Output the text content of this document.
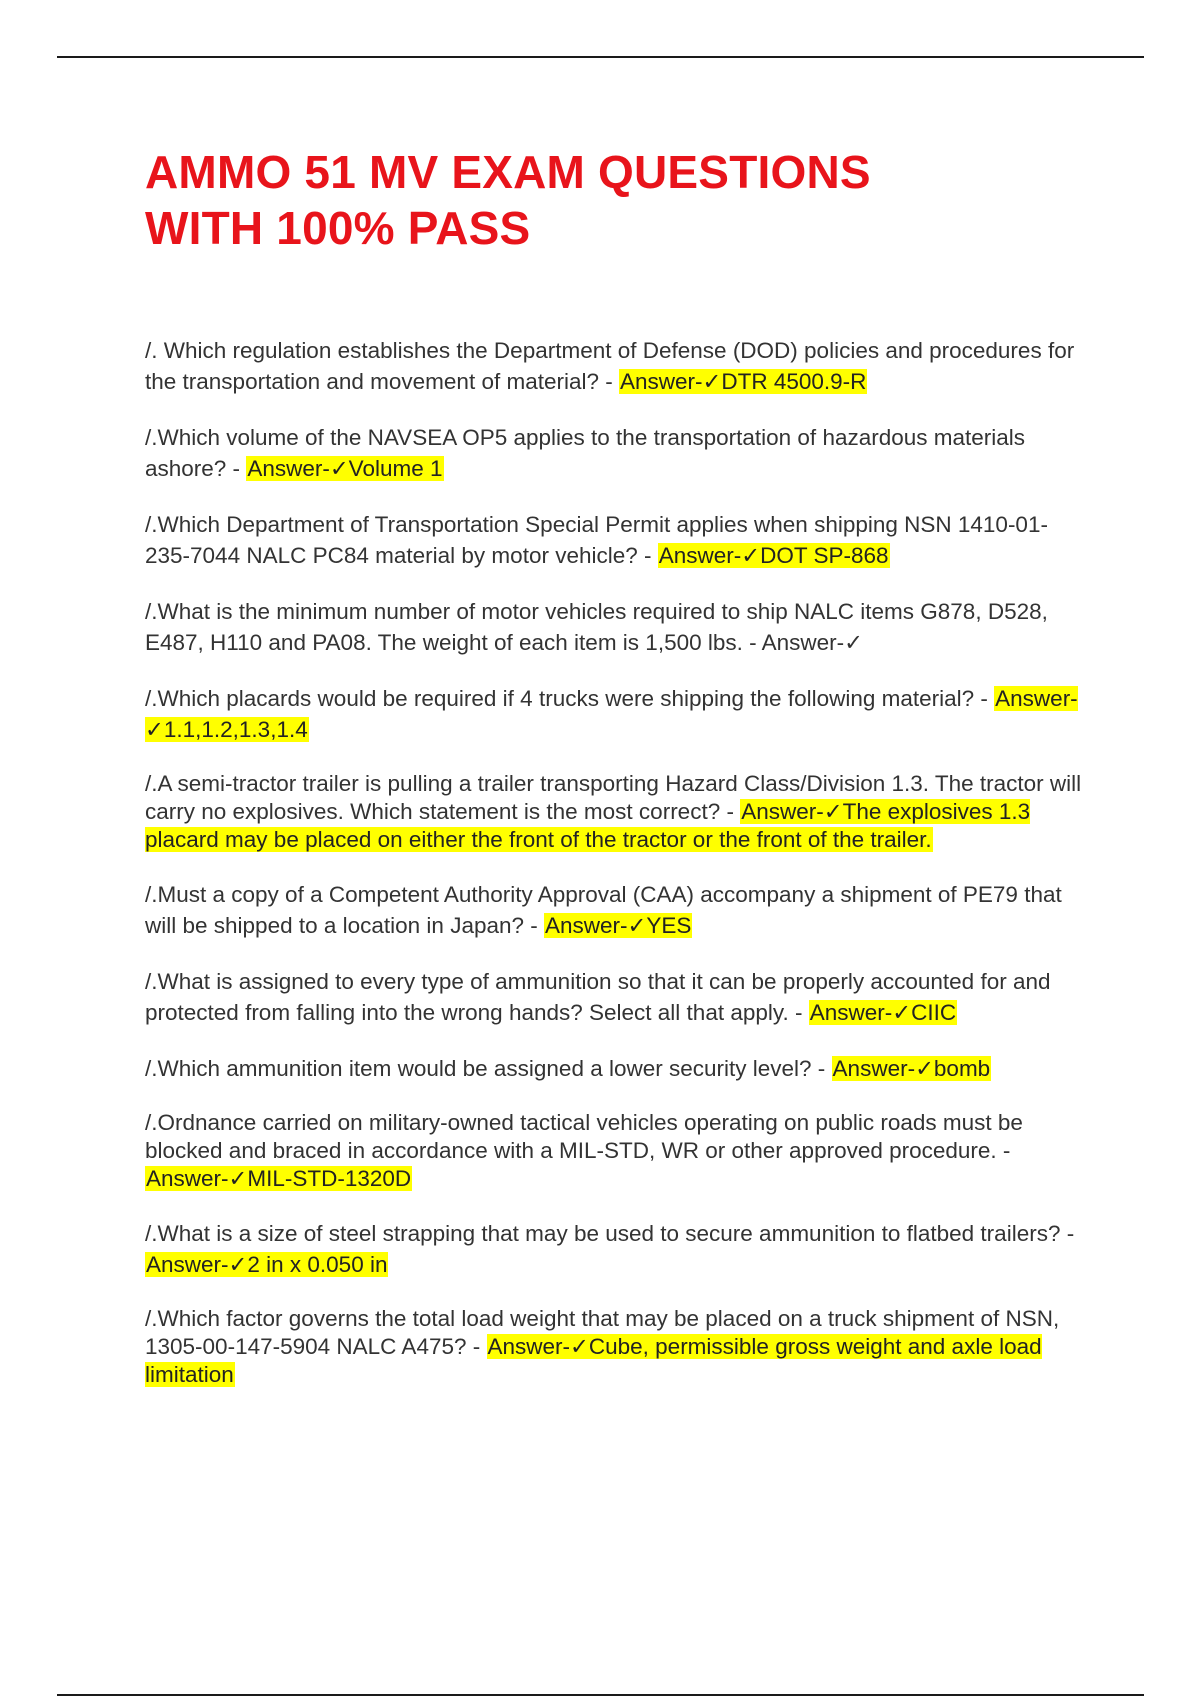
AMMO 51 MV EXAM QUESTIONS
WITH 100% PASS

/. Which regulation establishes the Department of Defense (DOD) policies and procedures for the transportation and movement of material? - Answer-✓DTR 4500.9-R

/.Which volume of the NAVSEA OP5 applies to the transportation of hazardous materials ashore? - Answer-✓Volume 1

/.Which Department of Transportation Special Permit applies when shipping NSN 1410-01-235-7044 NALC PC84 material by motor vehicle? - Answer-✓DOT SP-868

/.What is the minimum number of motor vehicles required to ship NALC items G878, D528, E487, H110 and PA08. The weight of each item is 1,500 lbs. - Answer-✓

/.Which placards would be required if 4 trucks were shipping the following material? - Answer-✓1.1,1.2,1.3,1.4

/.A semi-tractor trailer is pulling a trailer transporting Hazard Class/Division 1.3. The tractor will carry no explosives. Which statement is the most correct? - Answer-✓The explosives 1.3 placard may be placed on either the front of the tractor or the front of the trailer.

/.Must a copy of a Competent Authority Approval (CAA) accompany a shipment of PE79 that will be shipped to a location in Japan? - Answer-✓YES

/.What is assigned to every type of ammunition so that it can be properly accounted for and protected from falling into the wrong hands? Select all that apply. - Answer-✓CIIC

/.Which ammunition item would be assigned a lower security level? - Answer-✓bomb

/.Ordnance carried on military-owned tactical vehicles operating on public roads must be blocked and braced in accordance with a MIL-STD, WR or other approved procedure. - Answer-✓MIL-STD-1320D

/.What is a size of steel strapping that may be used to secure ammunition to flatbed trailers? - Answer-✓2 in x 0.050 in

/.Which factor governs the total load weight that may be placed on a truck shipment of NSN, 1305-00-147-5904 NALC A475? - Answer-✓Cube, permissible gross weight and axle load limitation
